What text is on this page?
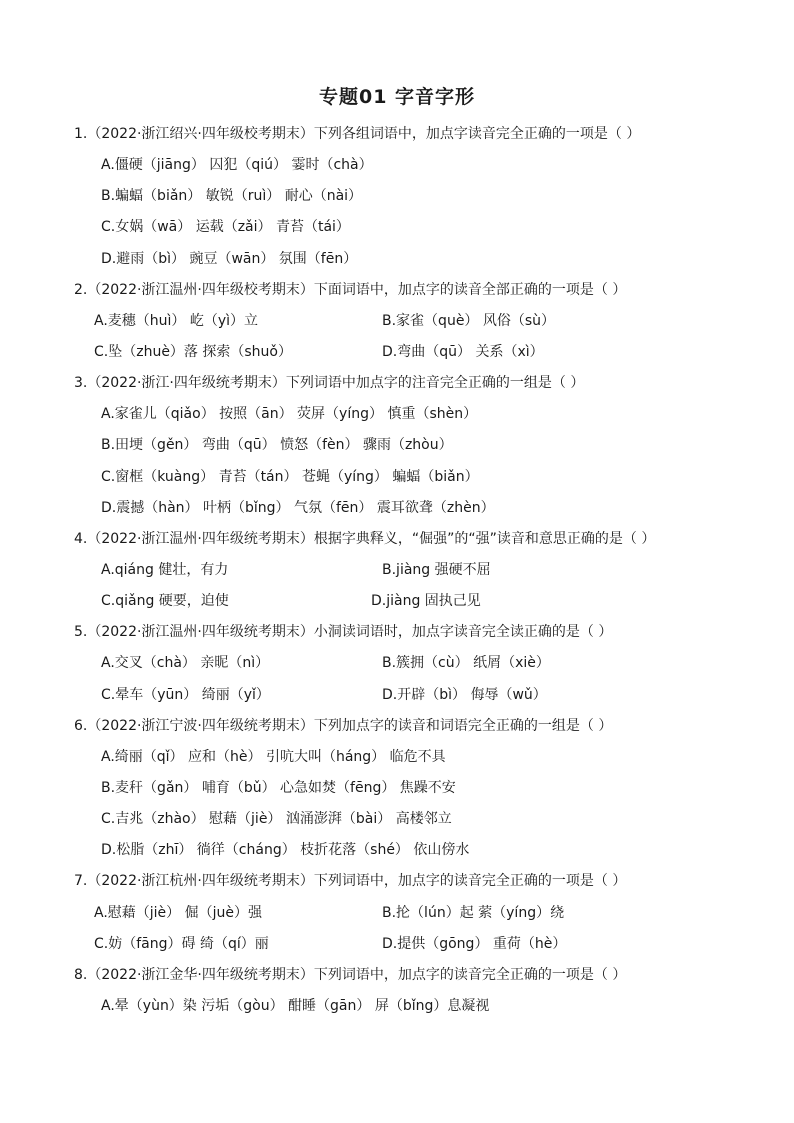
专题01 字音字形
1.（2022·浙江绍兴·四年级校考期末）下列各组词语中，加点字读音完全正确的一项是（ ）
A.僵硬（jiāng） 囚犯（qiú） 霎时（chà）
B.蝙蝠（biǎn） 敏锐（ruì） 耐心（nài）
C.女娲（wā） 运载（zǎi） 青苔（tái）
D.避雨（bì） 豌豆（wān） 氛围（fēn）
2.（2022·浙江温州·四年级校考期末）下面词语中，加点字的读音全部正确的一项是（ ）
A.麦穗（huì） 屹（yì）立	B.家雀（què） 风俗（sù）
C.坠（zhuè）落 探索（shuǒ）	D.弯曲（qū） 关系（xì）
3.（2022·浙江·四年级统考期末）下列词语中加点字的注音完全正确的一组是（ ）
A.家雀儿（qiǎo） 按照（ān） 荧屏（yíng） 慎重（shèn）
B.田埂（gěn） 弯曲（qū） 愤怒（fèn） 骤雨（zhòu）
C.窗框（kuàng） 青苔（tán） 苍蝇（yíng） 蝙蝠（biǎn）
D.震撼（hàn） 叶柄（bǐng） 气氛（fēn） 震耳欲聋（zhèn）
4.（2022·浙江温州·四年级统考期末）根据字典释义，“倔强”的“强”读音和意思正确的是（ ）
A.qiáng 健壮，有力	B.jiàng 强硬不屈
C.qiǎng 硬要，迫使	D.jiàng 固执己见
5.（2022·浙江温州·四年级统考期末）小洞读词语时，加点字读音完全读正确的是（ ）
A.交叉（chà） 亲昵（nì）	B.簇拥（cù） 纸屑（xiè）
C.晕车（yūn） 绮丽（yǐ）	D.开辟（bì） 侮辱（wǔ）
6.（2022·浙江宁波·四年级统考期末）下列加点字的读音和词语完全正确的一组是（ ）
A.绮丽（qǐ） 应和（hè） 引吭大叫（háng） 临危不具
B.麦秆（gǎn） 哺育（bǔ） 心急如焚（fēng） 焦躁不安
C.吉兆（zhào） 慰藉（jiè） 汹涌澎湃（bài） 高楼邻立
D.松脂（zhī） 徜徉（cháng） 枝折花落（shé） 依山傍水
7.（2022·浙江杭州·四年级统考期末）下列词语中，加点字的读音完全正确的一项是（ ）
A.慰藉（jiè） 倔（juè）强	B.抡（lún）起 萦（yíng）绕
C.妨（fāng）碍 绮（qí）丽	D.提供（gōng） 重荷（hè）
8.（2022·浙江金华·四年级统考期末）下列词语中，加点字的读音完全正确的一项是（ ）
A.晕（yùn）染 污垢（gòu） 酣睡（gān） 屏（bǐng）息凝视
